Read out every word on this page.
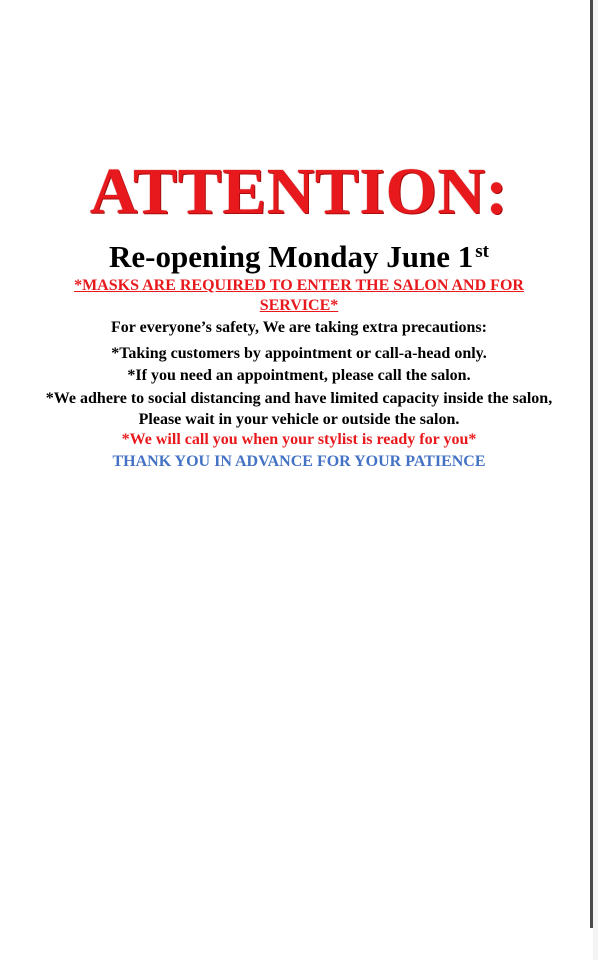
ATTENTION:
Re-opening Monday June 1 $^{st}$
*MASKS ARE REQUIRED TO ENTER THE SALON AND FOR SERVICE*
For everyone’s safety, We are taking extra precautions:
*Taking customers by appointment or call-a-head only.
*If you need an appointment, please call the salon.
*We adhere to social distancing and have limited capacity inside the salon, Please wait in your vehicle or outside the salon.
*We will call you when your stylist is ready for you*
THANK YOU IN ADVANCE FOR YOUR PATIENCE
